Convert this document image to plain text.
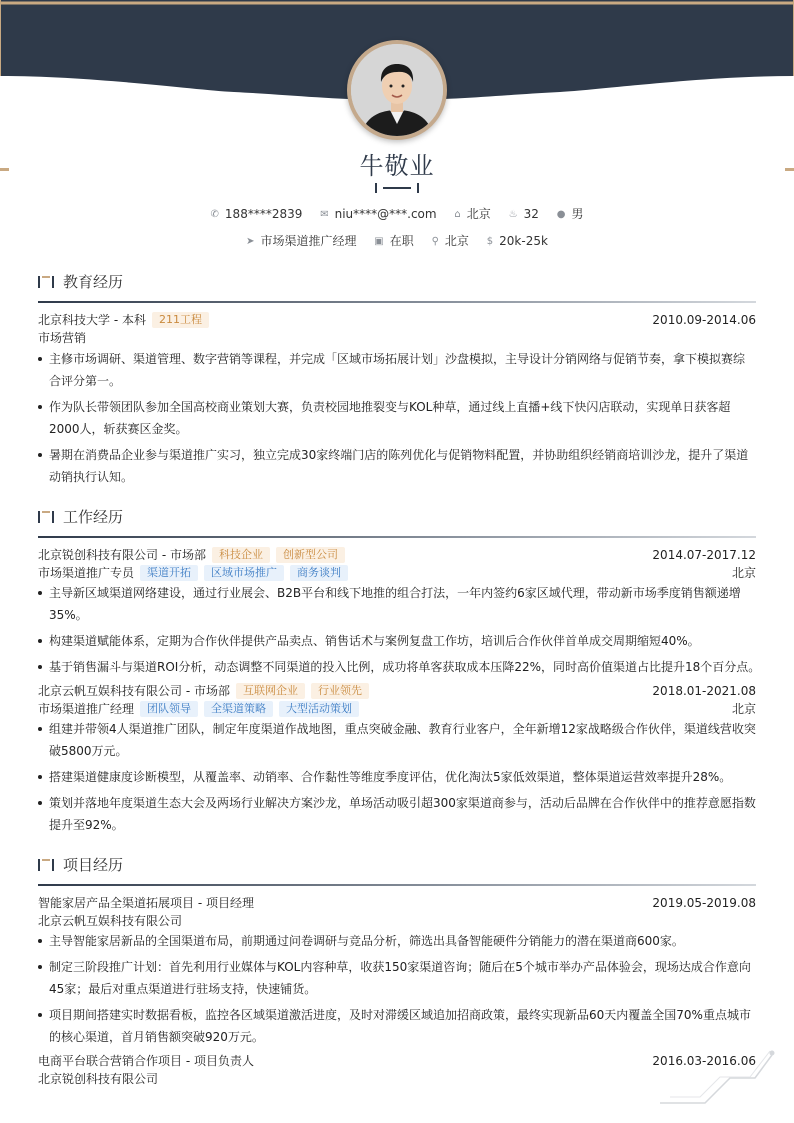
牛敬业
✆ 188****2839 ✉ niu****@***.com ⌂ 北京 ♨ 32 ● 男
➤ 市场渠道推广经理 ▣ 在职 ⚲ 北京 $ 20k-25k
教育经历
北京科技大学 - 本科 211工程	2010.09-2014.06
市场营销
主修市场调研、渠道管理、数字营销等课程，并完成「区域市场拓展计划」沙盘模拟，主导设计分销网络与促销节奏，拿下模拟赛综合评分第一。
作为队长带领团队参加全国高校商业策划大赛，负责校园地推裂变与KOL种草，通过线上直播+线下快闪店联动，实现单日获客超2000人，斩获赛区金奖。
暑期在消费品企业参与渠道推广实习，独立完成30家终端门店的陈列优化与促销物料配置，并协助组织经销商培训沙龙，提升了渠道动销执行认知。
工作经历
北京锐创科技有限公司 - 市场部 科技企业 创新型公司	2014.07-2017.12
市场渠道推广专员 渠道开拓 区域市场推广 商务谈判	北京
主导新区域渠道网络建设，通过行业展会、B2B平台和线下地推的组合打法，一年内签约6家区域代理，带动新市场季度销售额递增35%。
构建渠道赋能体系，定期为合作伙伴提供产品卖点、销售话术与案例复盘工作坊，培训后合作伙伴首单成交周期缩短40%。
基于销售漏斗与渠道ROI分析，动态调整不同渠道的投入比例，成功将单客获取成本压降22%，同时高价值渠道占比提升18个百分点。
北京云帆互娱科技有限公司 - 市场部 互联网企业 行业领先	2018.01-2021.08
市场渠道推广经理 团队领导 全渠道策略 大型活动策划	北京
组建并带领4人渠道推广团队，制定年度渠道作战地图，重点突破金融、教育行业客户，全年新增12家战略级合作伙伴，渠道线营收突破5800万元。
搭建渠道健康度诊断模型，从覆盖率、动销率、合作黏性等维度季度评估，优化淘汰5家低效渠道，整体渠道运营效率提升28%。
策划并落地年度渠道生态大会及两场行业解决方案沙龙，单场活动吸引超300家渠道商参与，活动后品牌在合作伙伴中的推荐意愿指数提升至92%。
项目经历
智能家居产品全渠道拓展项目 - 项目经理	2019.05-2019.08
北京云帆互娱科技有限公司
主导智能家居新品的全国渠道布局，前期通过问卷调研与竞品分析，筛选出具备智能硬件分销能力的潜在渠道商600家。
制定三阶段推广计划：首先利用行业媒体与KOL内容种草，收获150家渠道咨询；随后在5个城市举办产品体验会，现场达成合作意向45家；最后对重点渠道进行驻场支持，快速铺货。
项目期间搭建实时数据看板，监控各区域渠道激活进度，及时对滞缓区域追加招商政策，最终实现新品60天内覆盖全国70%重点城市的核心渠道，首月销售额突破920万元。
电商平台联合营销合作项目 - 项目负责人	2016.03-2016.06
北京锐创科技有限公司
